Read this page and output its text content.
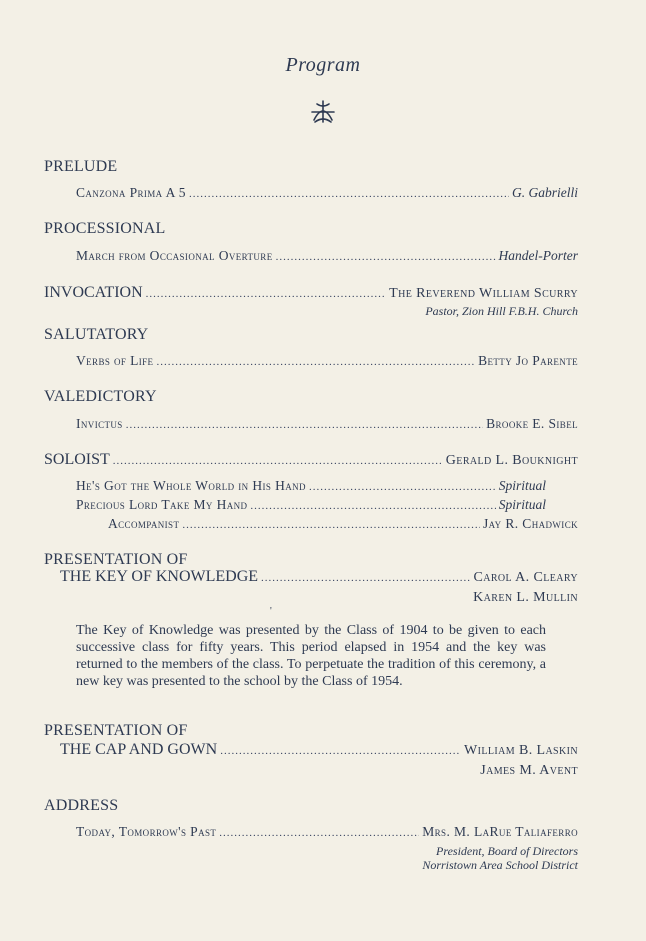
Program
PRELUDE
Canzona Prima A 5 .....	G. Gabrielli
PROCESSIONAL
March from Occasional Overture .....	Handel-Porter
INVOCATION .....	The Reverend William Scurry
Pastor, Zion Hill F.B.H. Church
SALUTATORY
Verbs of Life .....	Betty Jo Parente
VALEDICTORY
Invictus .....	Brooke E. Sibel
SOLOIST .....	Gerald L. Bouknight
He's Got the Whole World in His Hand .....	Spiritual
Precious Lord Take My Hand .....	Spiritual
Accompanist .....	Jay R. Chadwick
PRESENTATION OF
THE KEY OF KNOWLEDGE .....	Carol A. Cleary
Karen L. Mullin
'
The Key of Knowledge was presented by the Class of 1904 to be given to each successive class for fifty years. This period elapsed in 1954 and the key was returned to the members of the class. To perpetuate the tradition of this ceremony, a new key was presented to the school by the Class of 1954.
PRESENTATION OF
THE CAP AND GOWN .....	William B. Laskin
James M. Avent
ADDRESS
Today, Tomorrow's Past .....	Mrs. M. LaRue Taliaferro
President, Board of Directors
Norristown Area School District
